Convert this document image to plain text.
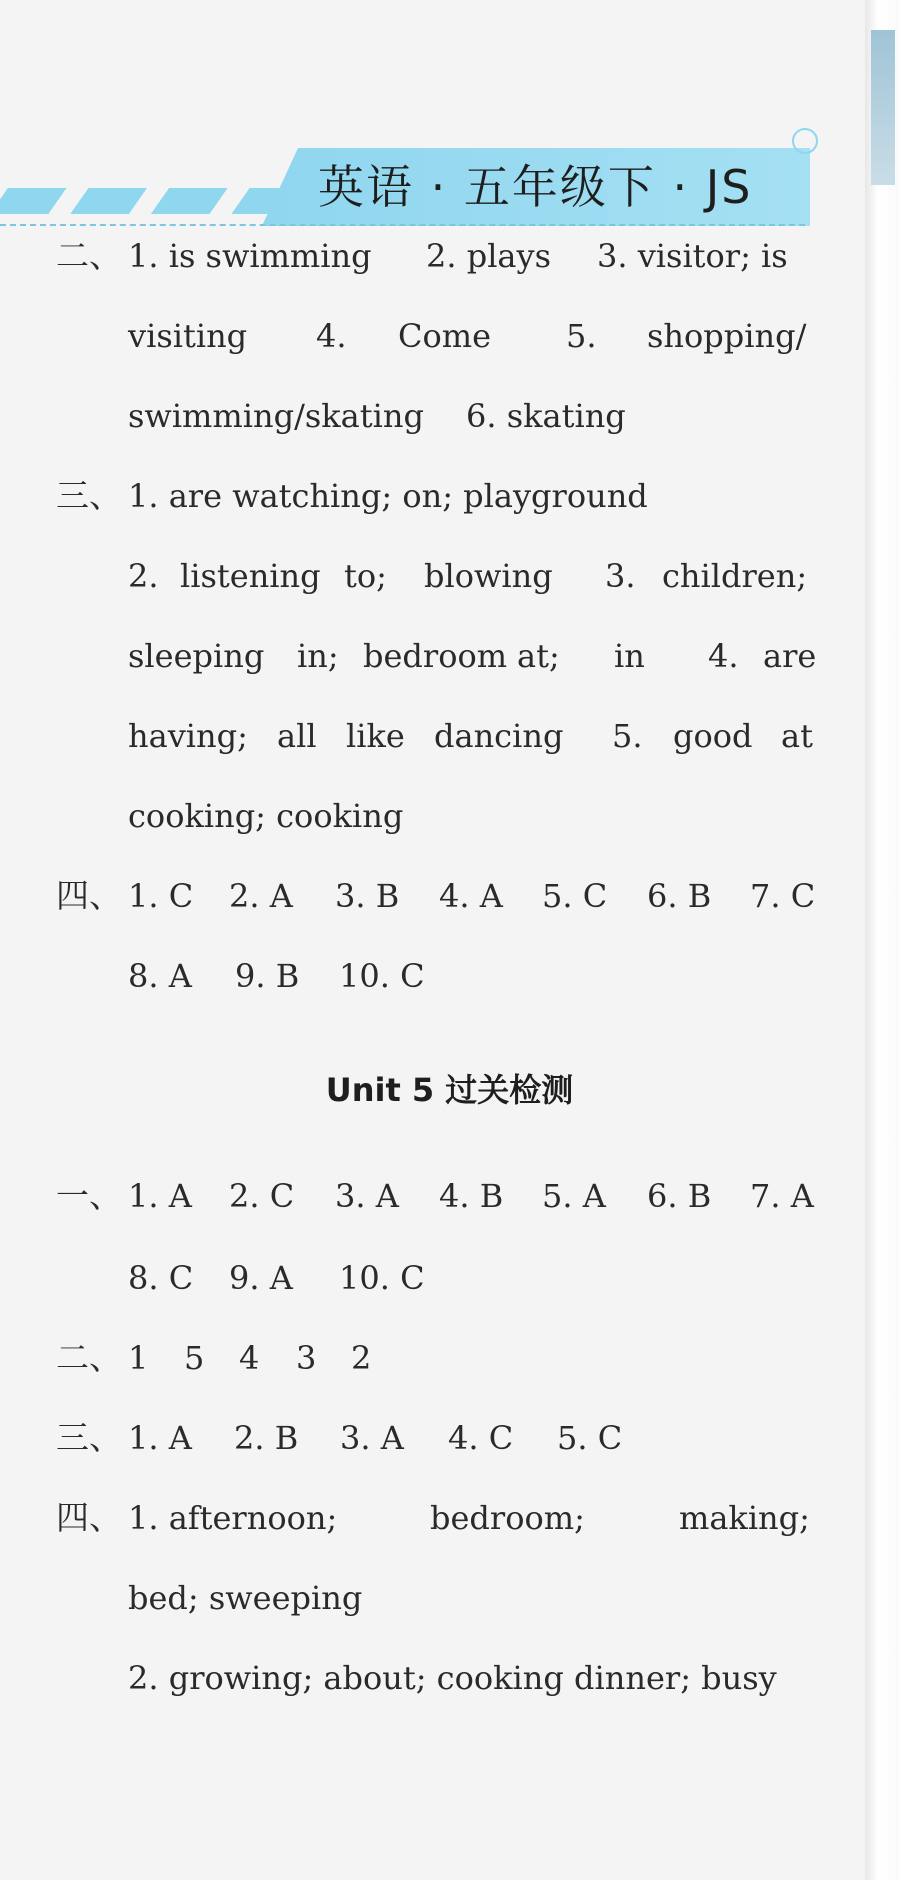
英语 · 五年级下 · JS
二、 1. is swimming 2. plays 3. visitor; is
visiting 4. Come 5. shopping/
swimming/skating 6. skating
三、 1. are watching; on; playground
2. listening to; blowing 3. children;
sleeping in; bedroom at; in 4. are
having; all like dancing 5. good at
cooking; cooking
四、 1. C 2. A 3. B 4. A 5. C 6. B 7. C
8. A 9. B 10. C
Unit 5 过关检测
一、 1. A 2. C 3. A 4. B 5. A 6. B 7. A
8. C 9. A 10. C
二、 1 5 4 3 2
三、 1. A 2. B 3. A 4. C 5. C
四、 1. afternoon;	bedroom;	making;
bed; sweeping
2. growing; about; cooking dinner; busy
